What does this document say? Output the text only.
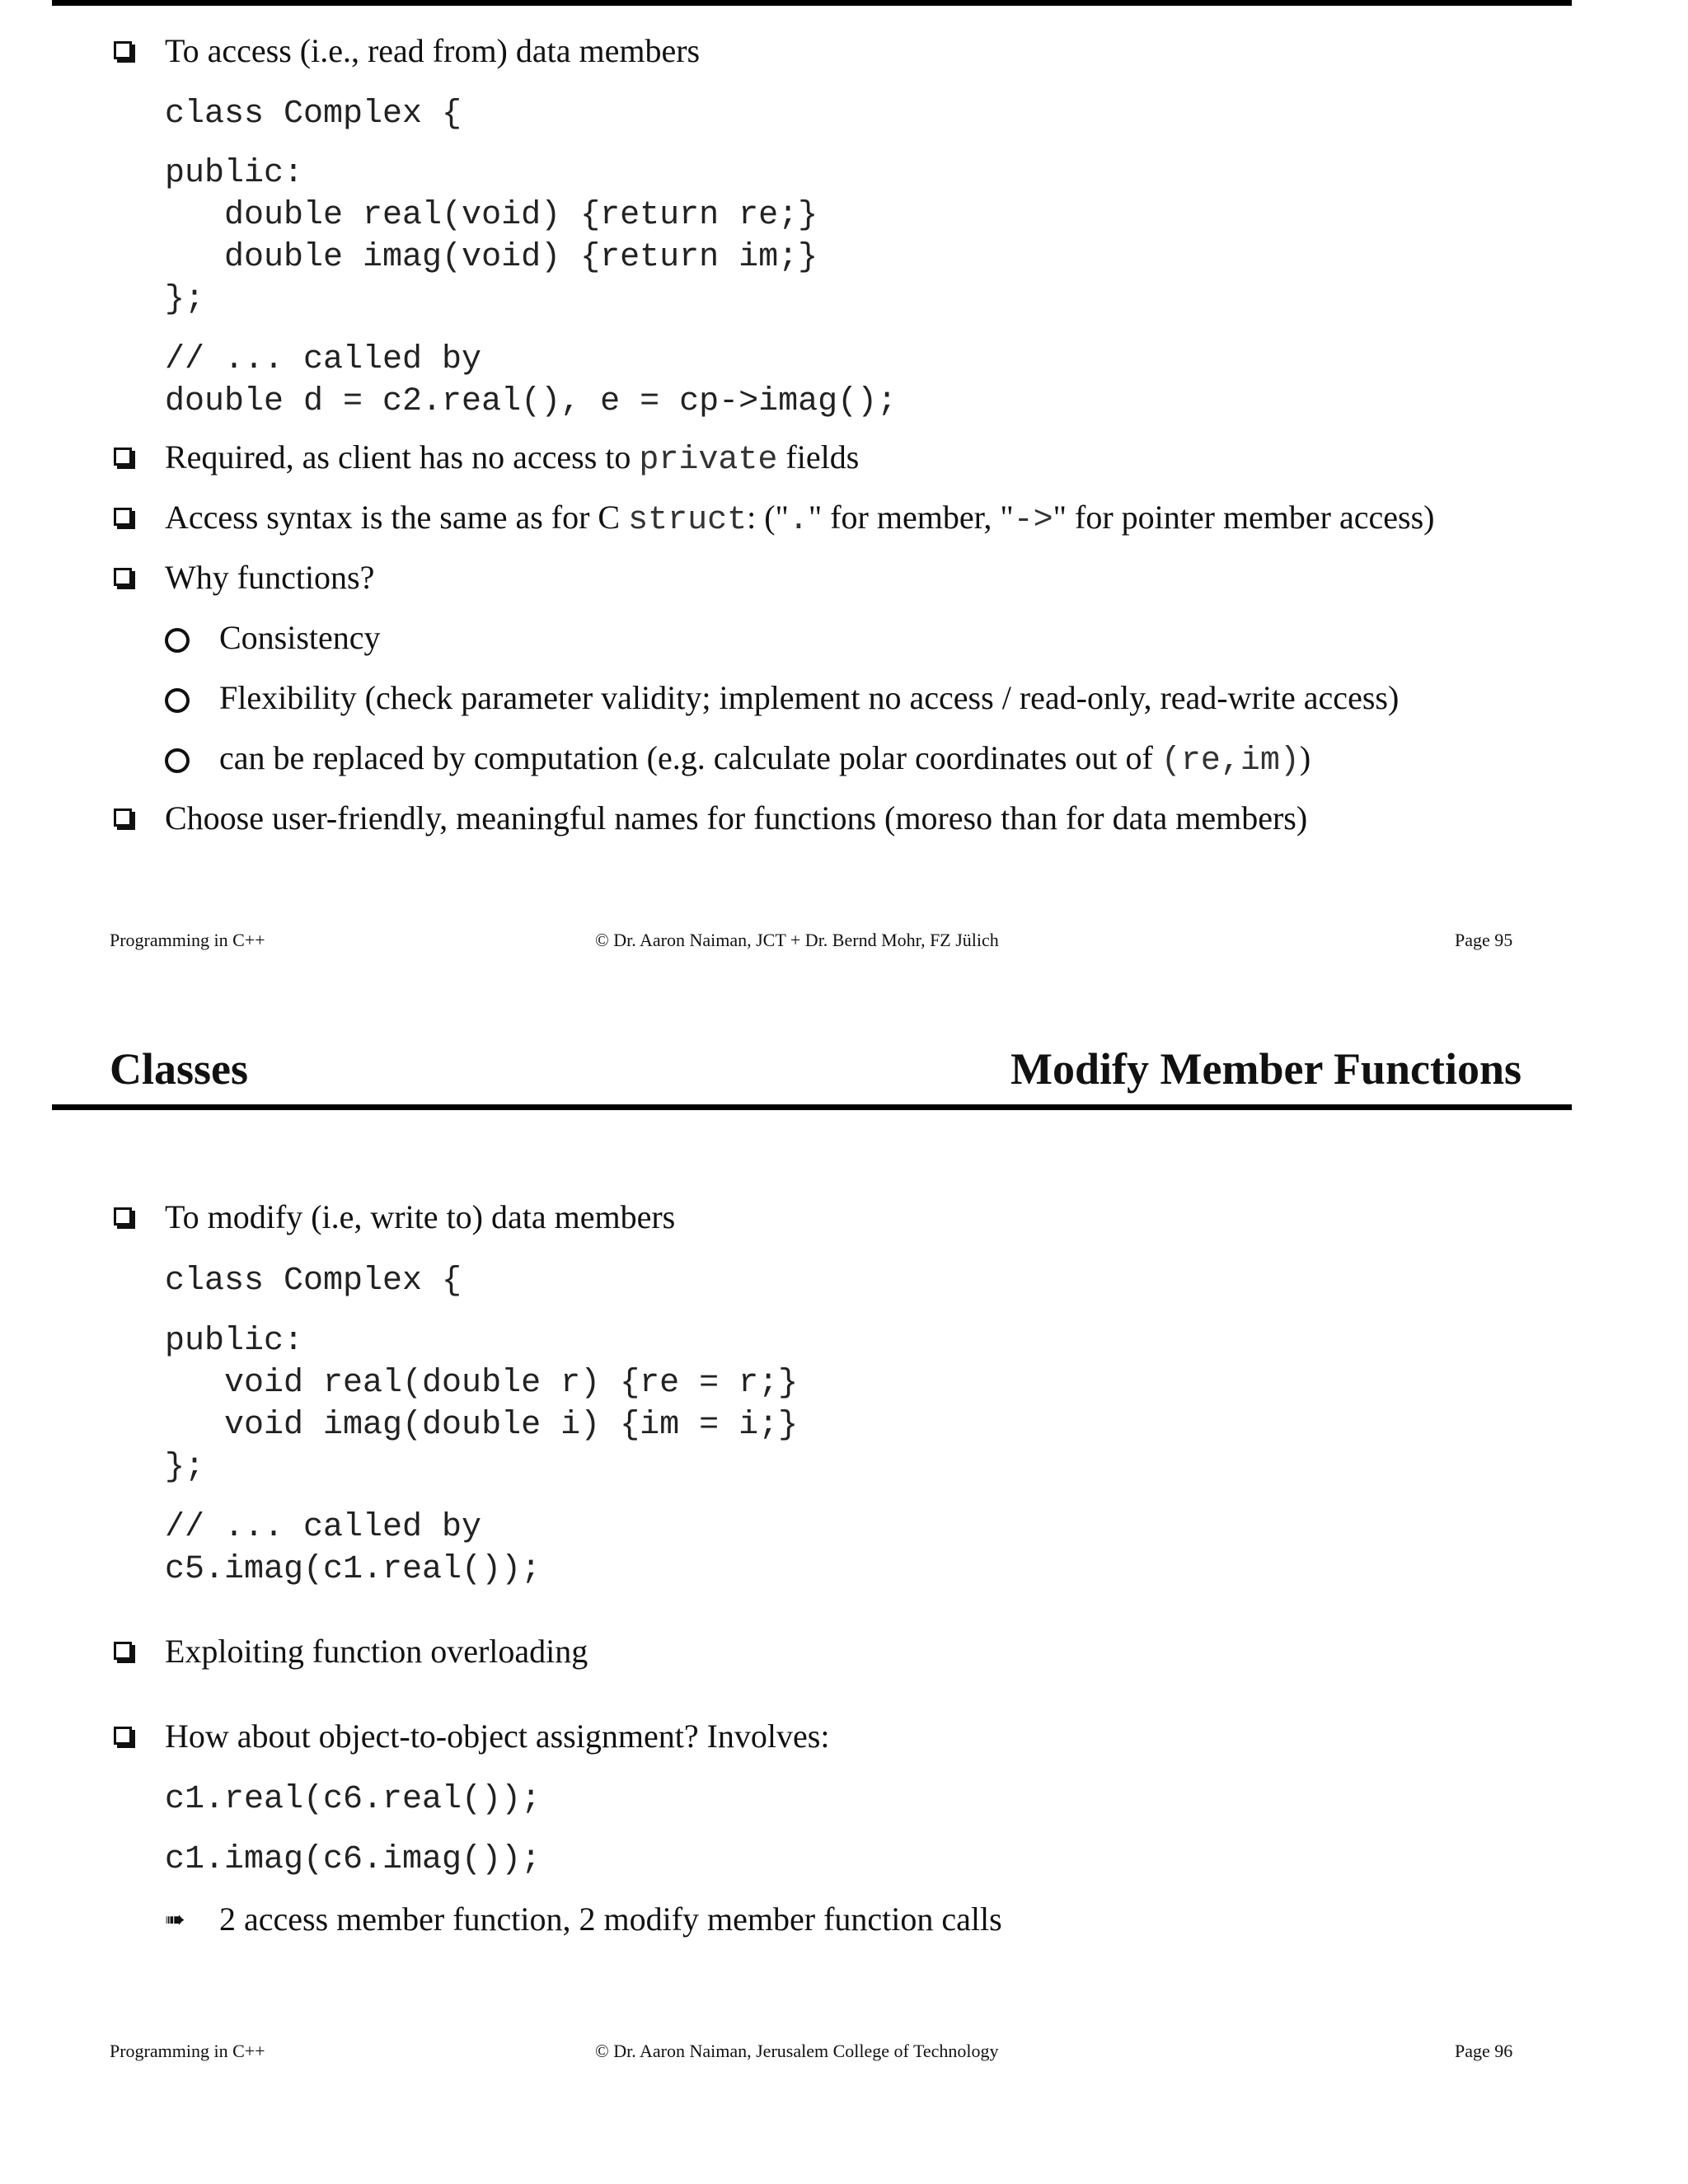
To access (i.e., read from) data members
class Complex {
public:
double real(void) {return re;}
double imag(void) {return im;}
};
// ... called by
double d = c2.real(), e = cp->imag();
Required, as client has no access to private fields
Access syntax is the same as for C struct: ("." for member, "->" for pointer member access)
Why functions?
Consistency
Flexibility (check parameter validity; implement no access / read-only, read-write access)
can be replaced by computation (e.g. calculate polar coordinates out of (re,im))
Choose user-friendly, meaningful names for functions (moreso than for data members)
Programming in C++	© Dr. Aaron Naiman, JCT + Dr. Bernd Mohr, FZ Jülich	Page 95
Classes	Modify Member Functions
To modify (i.e, write to) data members
class Complex {
public:
void real(double r) {re = r;}
void imag(double i) {im = i;}
};
// ... called by
c5.imag(c1.real());
Exploiting function overloading
How about object-to-object assignment? Involves:
c1.real(c6.real());
c1.imag(c6.imag());
➠ 2 access member function, 2 modify member function calls
Programming in C++	© Dr. Aaron Naiman, Jerusalem College of Technology	Page 96
